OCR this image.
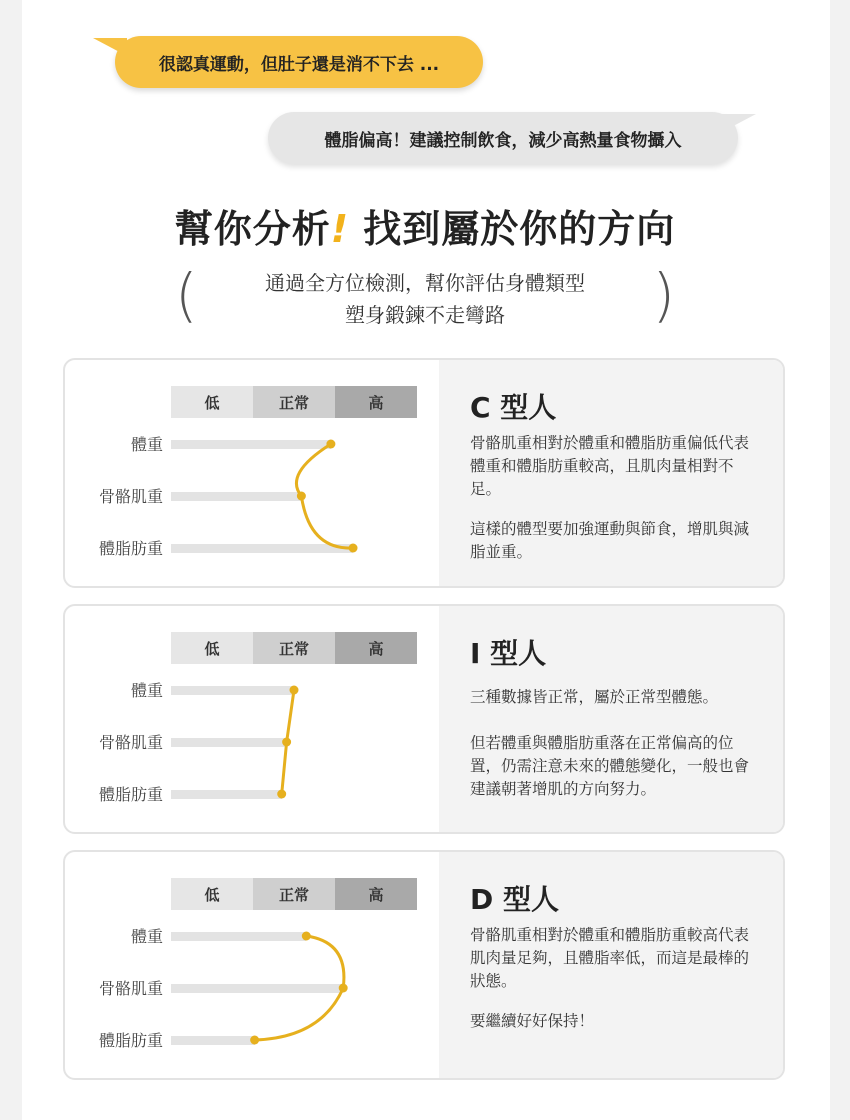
很認真運動，但肚子還是消不下去 ...
體脂偏高！建議控制飲食，減少高熱量食物攝入
幫你分析! 找到屬於你的方向
(	通過全方位檢測，幫你評估身體類型
塑身鍛鍊不走彎路	)
低	正常	高
體重
骨骼肌重
體脂肪重
C 型人
骨骼肌重相對於體重和體脂肪重偏低代表體重和體脂肪重較高，且肌肉量相對不足。
這樣的體型要加強運動與節食，增肌與減脂並重。
低	正常	高
體重
骨骼肌重
體脂肪重
I 型人
三種數據皆正常，屬於正常型體態。
但若體重與體脂肪重落在正常偏高的位置，仍需注意未來的體態變化，一般也會建議朝著增肌的方向努力。
低	正常	高
體重
骨骼肌重
體脂肪重
D 型人
骨骼肌重相對於體重和體脂肪重較高代表肌肉量足夠，且體脂率低，而這是最棒的狀態。
要繼續好好保持！
